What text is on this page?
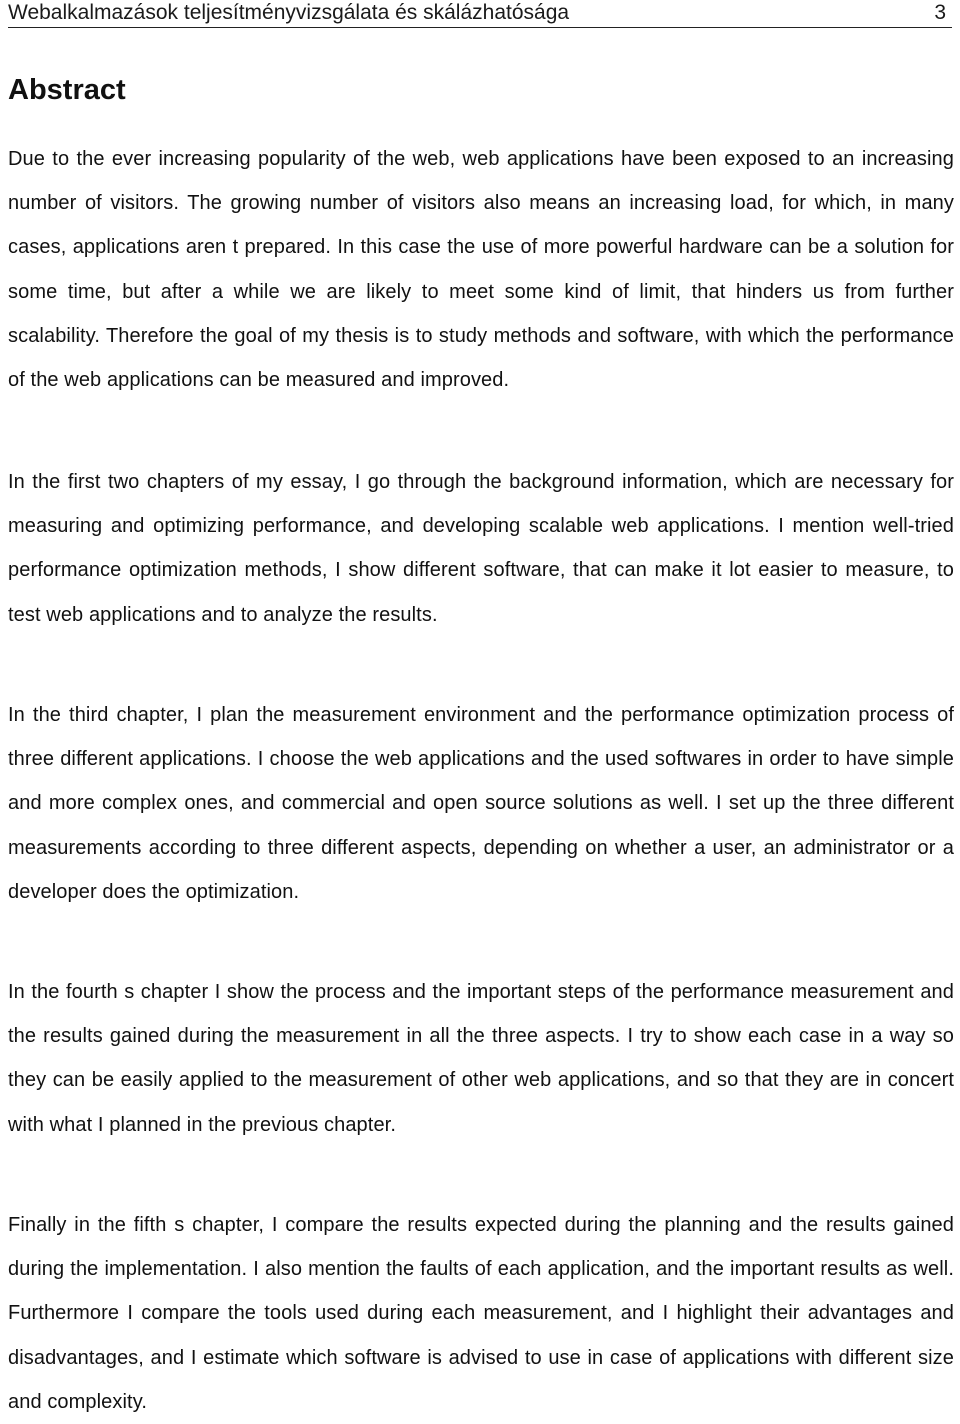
Webalkalmazások teljesítményvizsgálata és skálázhatósága	3
Abstract

Due to the ever increasing popularity of the web, web applications have been exposed to an increasing number of visitors. The growing number of visitors also means an increasing load, for which, in many cases, applications aren t prepared. In this case the use of more powerful hardware can be a solution for some time, but after a while we are likely to meet some kind of limit, that hinders us from further scalability. Therefore the goal of my thesis is to study methods and software, with which the performance of the web applications can be measured and improved.

In the first two chapters of my essay, I go through the background information, which are necessary for measuring and optimizing performance, and developing scalable web applications. I mention well-tried performance optimization methods, I show different software, that can make it lot easier to measure, to test web applications and to analyze the results.

In the third chapter, I plan the measurement environment and the performance optimization process of three different applications. I choose the web applications and the used softwares in order to have simple and more complex ones, and commercial and open source solutions as well. I set up the three different measurements according to three different aspects, depending on whether a user, an administrator or a developer does the optimization.

In the fourth s chapter I show the process and the important steps of the performance measurement and the results gained during the measurement in all the three aspects. I try to show each case in a way so they can be easily applied to the measurement of other web applications, and so that they are in concert with what I planned in the previous chapter.

Finally in the fifth s chapter, I compare the results expected during the planning and the results gained during the implementation. I also mention the faults of each application, and the important results as well. Furthermore I compare the tools used during each measurement, and I highlight their advantages and disadvantages, and I estimate which software is advised to use in case of applications with different size and complexity.
